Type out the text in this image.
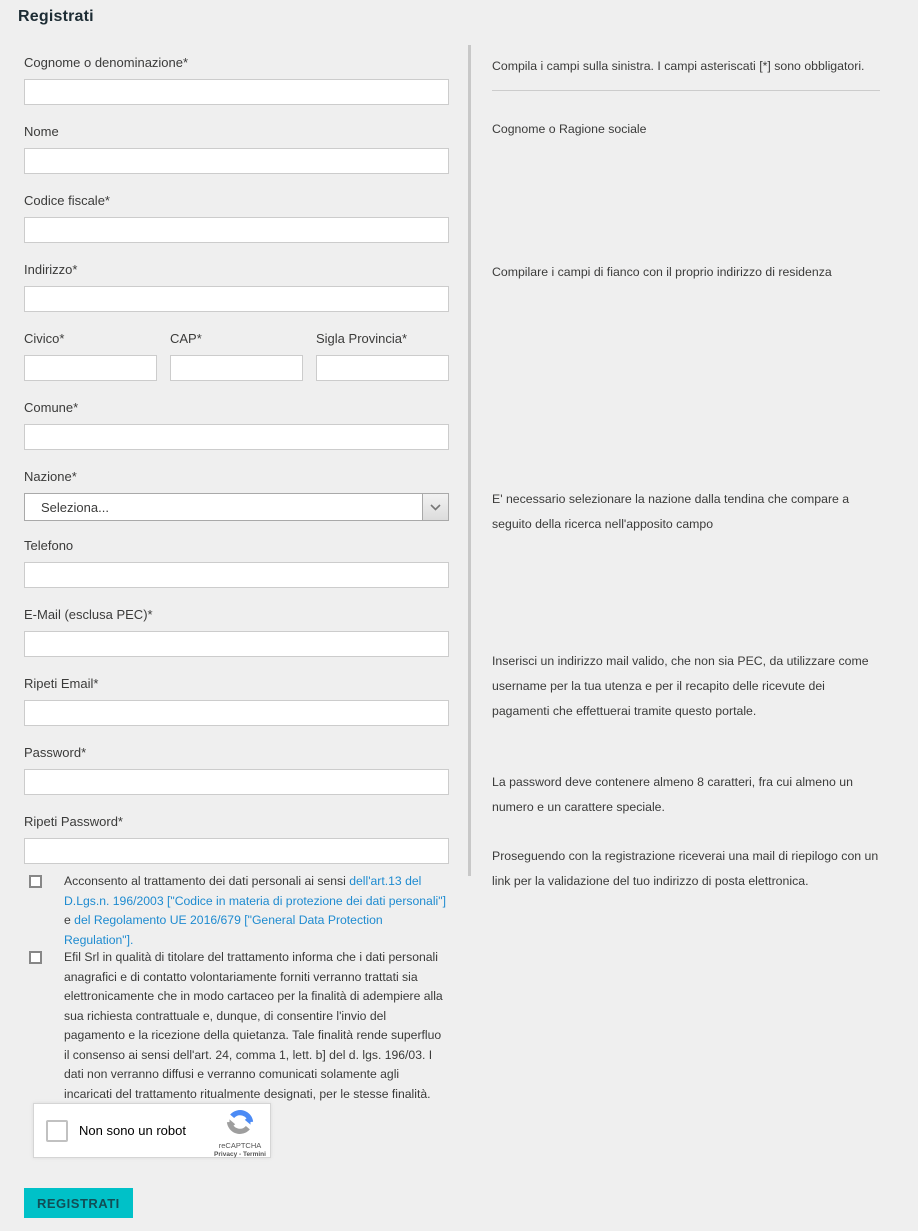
Registrati
Cognome o denominazione*
Nome
Codice fiscale*
Indirizzo*
Civico*	CAP*	Sigla Provincia*
Comune*
Nazione*
Seleziona...
Telefono
E-Mail (esclusa PEC)*
Ripeti Email*
Password*
Ripeti Password*
Acconsento al trattamento dei dati personali ai sensi dell'art.13 del D.Lgs.n. 196/2003 ["Codice in materia di protezione dei dati personali"] e del Regolamento UE 2016/679 ["General Data Protection Regulation"].
Efil Srl in qualità di titolare del trattamento informa che i dati personali anagrafici e di contatto volontariamente forniti verranno trattati sia elettronicamente che in modo cartaceo per la finalità di adempiere alla sua richiesta contrattuale e, dunque, di consentire l'invio del pagamento e la ricezione della quietanza. Tale finalità rende superfluo il consenso ai sensi dell'art. 24, comma 1, lett. b] del d. lgs. 196/03. I dati non verranno diffusi e verranno comunicati solamente agli incaricati del trattamento ritualmente designati, per le stesse finalità.
Non sono un robot
reCAPTCHA
Privacy - Termini
REGISTRATI
Compila i campi sulla sinistra. I campi asteriscati [*] sono obbligatori.
Cognome o Ragione sociale
Compilare i campi di fianco con il proprio indirizzo di residenza
E' necessario selezionare la nazione dalla tendina che compare a seguito della ricerca nell'apposito campo
Inserisci un indirizzo mail valido, che non sia PEC, da utilizzare come username per la tua utenza e per il recapito delle ricevute dei pagamenti che effettuerai tramite questo portale.
La password deve contenere almeno 8 caratteri, fra cui almeno un numero e un carattere speciale.
Proseguendo con la registrazione riceverai una mail di riepilogo con un link per la validazione del tuo indirizzo di posta elettronica.
